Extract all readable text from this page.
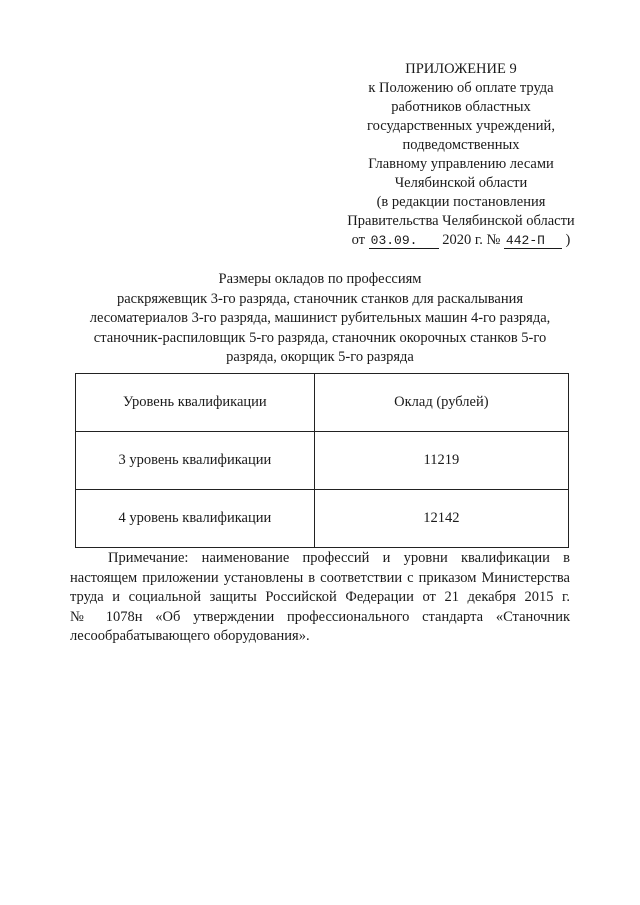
ПРИЛОЖЕНИЕ 9
к Положению об оплате труда
работников областных
государственных учреждений,
подведомственных
Главному управлению лесами
Челябинской области
(в редакции постановления
Правительства Челябинской области
от 03.09. 2020 г. № 442-П )
Размеры окладов по профессиям
раскряжевщик 3-го разряда, станочник станков для раскалывания
лесоматериалов 3-го разряда, машинист рубительных машин 4-го разряда,
станочник-распиловщик 5-го разряда, станочник окорочных станков 5-го
разряда, окорщик 5-го разряда
Уровень квалификации	Оклад (рублей)
3 уровень квалификации	11219
4 уровень квалификации	12142
Примечание: наименование профессий и уровни квалификации в
настоящем приложении установлены в соответствии с приказом Министерства
труда и социальной защиты Российской Федерации от 21 декабря 2015 г.
№ 1078н «Об утверждении профессионального стандарта «Станочник
лесообрабатывающего оборудования».
